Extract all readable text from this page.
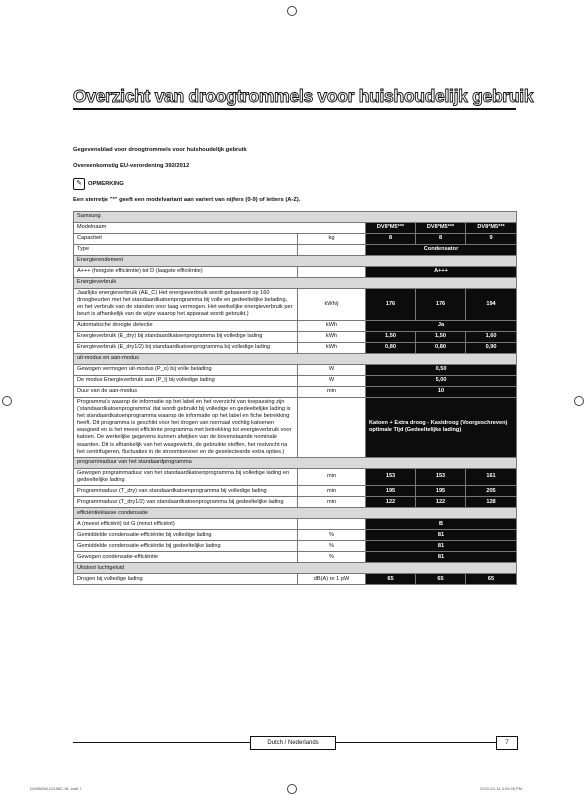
Overzicht van droogtrommels voor huishoudelijk gebruik
Gegevensblad voor droogtrommels voor huishoudelijk gebruik
Overeenkomstig EU-verordening 392/2012
✎	OPMERKING
Een sterretje "*" geeft een modelvariant aan variert van nijfers (0-9) of letters (A-Z).
Samsung				
Modelnaam		DV8*M5***	DV8*M5***	DV8*M5***
Capaciteit	kg	8	8	9
Type		Condensator		
Energierendement				
A+++ (hoogste efficiëntie) tot D (laagste efficiëntie)		A+++		
Energieverbruik				
Jaarlijks energieverbruik (AE_C) Het energieverbruik wordt gebaseerd op 160 droogbeurten met het standaardkatoenprogramma bij volle en gedeeltelijke belading, en het verbruik van de standen voor laag vermogen. Het werkelijke energieverbruik per beurt is afhankelijk van de wijze waarop het apparaat wordt gebruikt.)	kWh/j	176	176	194
Automatische droogte detectie	kWh	Ja		
Energieverbruik (E_dry) bij standaardkatoenprogramma bij volledige lading	kWh	1,50	1,50	1,60
Energieverbruik (E_dry1/2) bij standaardkatoenprogramma bij volledige lading	kWh	0,80	0,80	0,90
uit-modus en aan-modus				
Gewogen vermogen uit-modus (P_o) bij volle belading	W	0,50		
De modus Energieverbruik aan (P_l) bij volledige lading	W	5,00		
Duur van de aan-modus	min	10		
Programma's waarop de informatie op het label en het overzicht van toepassing zijn ('standaardkatoenprogramma' dat wordt gebruikt bij volledige en gedeeltelijke lading is het standaardkatoenprogramma waarop de informatie op het label en fiche betrekking heeft. Dit programma is geschikt voor het drogen van normaal vochtig katoenen wasgoed en is het meest efficiënte programma met betrekking tot energieverbruik voor katoen. De werkelijke gegevens kunnen afwijken van de bovenstaande nominale waarden. Dit is afhankelijk van het wasgewicht, de gebruikte stoffen, het restvocht na het centrifugeren, fluctuaties in de stroomtoevoer en de geselecteerde extra opties.)		Katoen + Extra droog - Kastdroog (Voorgeschreven) optimale Tijd (Gedeeltelijke lading)		
programmaduur van het standaardprogramma				
Gewogen programmaduur van het standaardkatoenprogramma bij volledige lading en gedeeltelijke lading	min	153	153	161
Programmaduur (T_dry) van standaardkatoenprogramma bij volledige lading	min	195	195	205
Programmaduur (T_dry1/2) van standaardkatoenprogramma bij gedeeltelijke lading	min	122	122	128
efficiëntieklasse condensatie				
A (meest efficiënt) tot G (minst efficiënt)		B		
Gemiddelde condensatie-efficiëntie bij volledige lading	%	81		
Gemiddelde condensatie-efficiëntie bij gedeeltelijke lading	%	81		
Gewogen condensatie-efficiëntie	%	81		
Uitstoot luchtgeluid				
Drogen bij volledige lading	dB(A) re 1 pW	65	65	65
Dutch / Nederlands	7
DV8500M-02198C-NL.indd 7	2019-03-14 3:09:28 PM
